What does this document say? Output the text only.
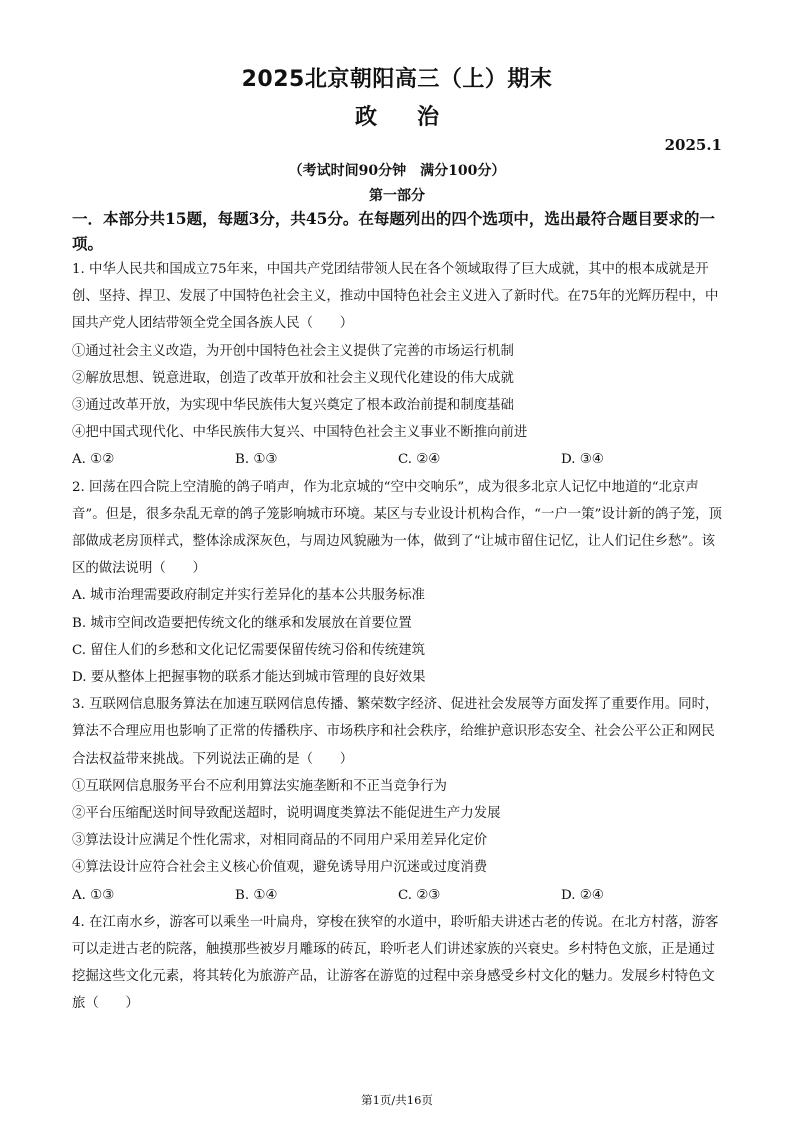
2025北京朝阳高三（上）期末
政治
2025.1
（考试时间90分钟　满分100分）
第一部分
一．本部分共15题，每题3分，共45分。在每题列出的四个选项中，选出最符合题目要求的一项。

1. 中华人民共和国成立75年来，中国共产党团结带领人民在各个领域取得了巨大成就，其中的根本成就是开创、坚持、捍卫、发展了中国特色社会主义，推动中国特色社会主义进入了新时代。在75年的光辉历程中，中国共产党人团结带领全党全国各族人民（　　）

①通过社会主义改造，为开创中国特色社会主义提供了完善的市场运行机制

②解放思想、锐意进取，创造了改革开放和社会主义现代化建设的伟大成就

③通过改革开放，为实现中华民族伟大复兴奠定了根本政治前提和制度基础

④把中国式现代化、中华民族伟大复兴、中国特色社会主义事业不断推向前进

A. ①②	B. ①③	C. ②④	D. ③④

2. 回荡在四合院上空清脆的鸽子哨声，作为北京城的“空中交响乐”，成为很多北京人记忆中地道的“北京声音”。但是，很多杂乱无章的鸽子笼影响城市环境。某区与专业设计机构合作，“一户一策”设计新的鸽子笼，顶部做成老房顶样式，整体涂成深灰色，与周边风貌融为一体，做到了“让城市留住记忆，让人们记住乡愁”。该区的做法说明（　　）

A. 城市治理需要政府制定并实行差异化的基本公共服务标准

B. 城市空间改造要把传统文化的继承和发展放在首要位置

C. 留住人们的乡愁和文化记忆需要保留传统习俗和传统建筑

D. 要从整体上把握事物的联系才能达到城市管理的良好效果

3. 互联网信息服务算法在加速互联网信息传播、繁荣数字经济、促进社会发展等方面发挥了重要作用。同时，算法不合理应用也影响了正常的传播秩序、市场秩序和社会秩序，给维护意识形态安全、社会公平公正和网民合法权益带来挑战。下列说法正确的是（　　）

①互联网信息服务平台不应利用算法实施垄断和不正当竞争行为

②平台压缩配送时间导致配送超时，说明调度类算法不能促进生产力发展

③算法设计应满足个性化需求，对相同商品的不同用户采用差异化定价

④算法设计应符合社会主义核心价值观，避免诱导用户沉迷或过度消费

A. ①③	B. ①④	C. ②③	D. ②④

4. 在江南水乡，游客可以乘坐一叶扁舟，穿梭在狭窄的水道中，聆听船夫讲述古老的传说。在北方村落，游客可以走进古老的院落，触摸那些被岁月雕琢的砖瓦，聆听老人们讲述家族的兴衰史。乡村特色文旅，正是通过挖掘这些文化元素，将其转化为旅游产品，让游客在游览的过程中亲身感受乡村文化的魅力。发展乡村特色文旅（　　）

第1页/共16页
